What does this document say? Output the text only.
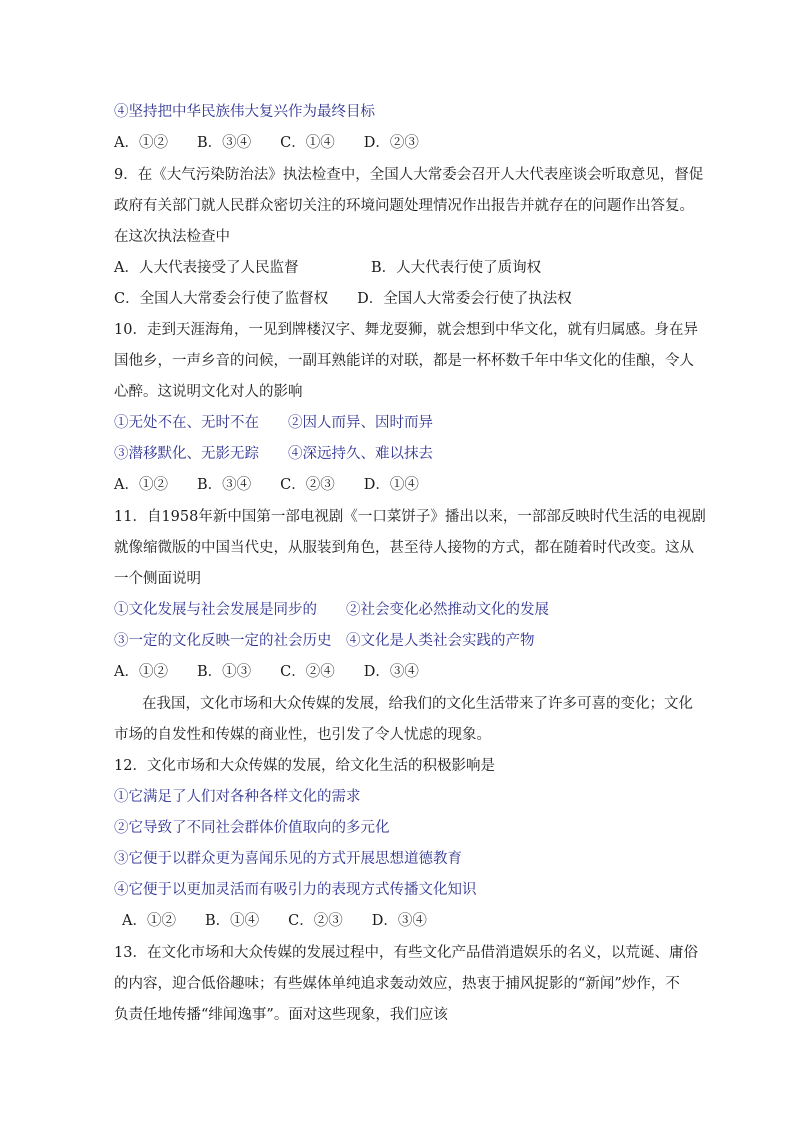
④坚持把中华民族伟大复兴作为最终目标
A．①②　　B．③④　　C．①④　　D．②③
9．在《大气污染防治法》执法检查中，全国人大常委会召开人大代表座谈会听取意见，督促
政府有关部门就人民群众密切关注的环境问题处理情况作出报告并就存在的问题作出答复。
在这次执法检查中
A．人大代表接受了人民监督　　　　　B．人大代表行使了质询权
C．全国人大常委会行使了监督权　　D．全国人大常委会行使了执法权
10．走到天涯海角，一见到牌楼汉字、舞龙耍狮，就会想到中华文化，就有归属感。身在异
国他乡，一声乡音的问候，一副耳熟能详的对联，都是一杯杯数千年中华文化的佳酿，令人
心醉。这说明文化对人的影响
①无处不在、无时不在　　②因人而异、因时而异
③潜移默化、无影无踪　　④深远持久、难以抹去
A．①②　　B．③④　　C．②③　　D．①④
11．自1958年新中国第一部电视剧《一口菜饼子》播出以来，一部部反映时代生活的电视剧
就像缩微版的中国当代史，从服装到角色，甚至待人接物的方式，都在随着时代改变。这从
一个侧面说明
①文化发展与社会发展是同步的　　②社会变化必然推动文化的发展
③一定的文化反映一定的社会历史　④文化是人类社会实践的产物
A．①②　　B．①③　　C．②④　　D．③④
在我国，文化市场和大众传媒的发展，给我们的文化生活带来了许多可喜的变化；文化
市场的自发性和传媒的商业性，也引发了令人忧虑的现象。
12．文化市场和大众传媒的发展，给文化生活的积极影响是
①它满足了人们对各种各样文化的需求
②它导致了不同社会群体价值取向的多元化
③它便于以群众更为喜闻乐见的方式开展思想道德教育
④它便于以更加灵活而有吸引力的表现方式传播文化知识
A．①②　　B．①④　　C．②③　　D．③④
13．在文化市场和大众传媒的发展过程中，有些文化产品借消遣娱乐的名义，以荒诞、庸俗
的内容，迎合低俗趣味；有些媒体单纯追求轰动效应，热衷于捕风捉影的“新闻”炒作，不
负责任地传播“绯闻逸事”。面对这些现象，我们应该
